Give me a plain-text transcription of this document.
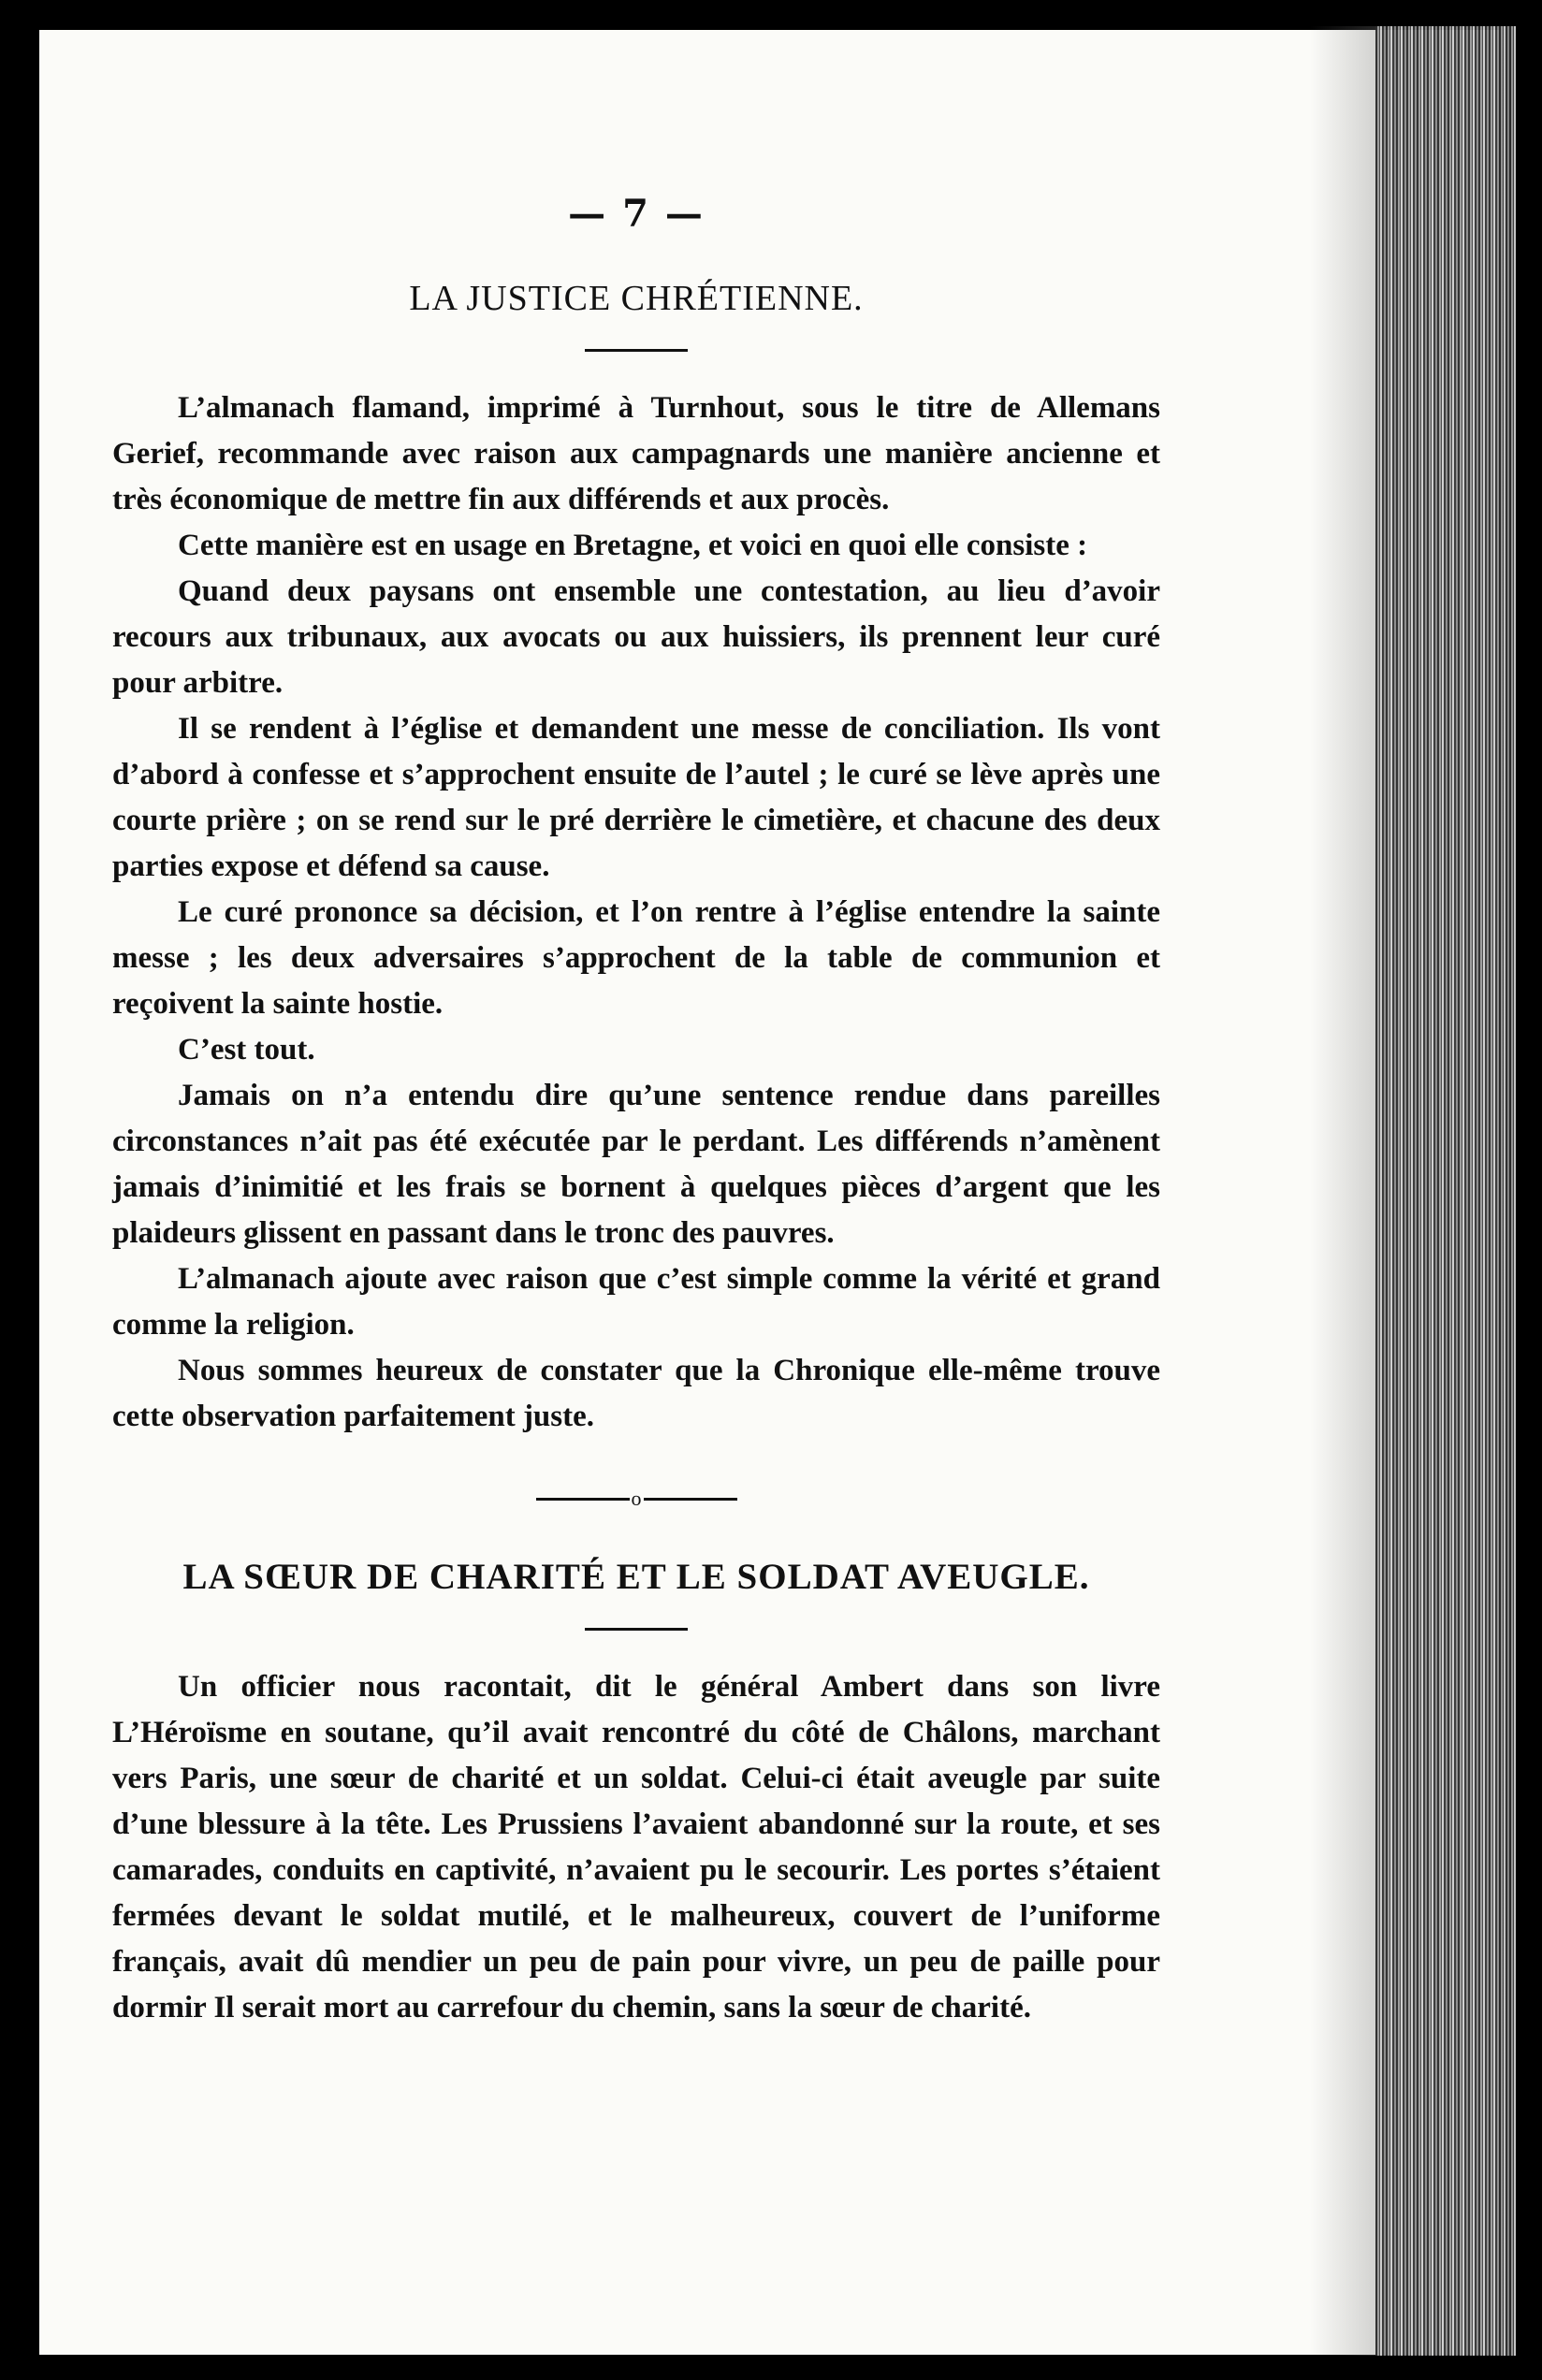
— 7 —
LA JUSTICE CHRÉTIENNE.

L’almanach flamand, imprimé à Turnhout, sous le titre de Allemans Gerief, recommande avec raison aux campagnards une manière ancienne et très économique de mettre fin aux différends et aux procès.

Cette manière est en usage en Bretagne, et voici en quoi elle consiste :

Quand deux paysans ont ensemble une contestation, au lieu d’avoir recours aux tribunaux, aux avocats ou aux huissiers, ils prennent leur curé pour arbitre.

Il se rendent à l’église et demandent une messe de conciliation. Ils vont d’abord à confesse et s’approchent ensuite de l’autel ; le curé se lève après une courte prière ; on se rend sur le pré derrière le cimetière, et chacune des deux parties expose et défend sa cause.

Le curé prononce sa décision, et l’on rentre à l’église entendre la sainte messe ; les deux adversaires s’approchent de la table de communion et reçoivent la sainte hostie.

C’est tout.

Jamais on n’a entendu dire qu’une sentence rendue dans pareilles circonstances n’ait pas été exécutée par le perdant. Les différends n’amènent jamais d’inimitié et les frais se bornent à quelques pièces d’argent que les plaideurs glissent en passant dans le tronc des pauvres.

L’almanach ajoute avec raison que c’est simple comme la vérité et grand comme la religion.

Nous sommes heureux de constater que la Chronique elle-même trouve cette observation parfaitement juste.

o
LA SŒUR DE CHARITÉ ET LE SOLDAT AVEUGLE.

Un officier nous racontait, dit le général Ambert dans son livre L’Héroïsme en soutane, qu’il avait rencontré du côté de Châlons, marchant vers Paris, une sœur de charité et un soldat. Celui-ci était aveugle par suite d’une blessure à la tête. Les Prussiens l’avaient abandonné sur la route, et ses camarades, conduits en captivité, n’avaient pu le secourir. Les portes s’étaient fermées devant le soldat mutilé, et le malheureux, couvert de l’uniforme français, avait dû mendier un peu de pain pour vivre, un peu de paille pour dormir Il serait mort au carrefour du chemin, sans la sœur de charité.
